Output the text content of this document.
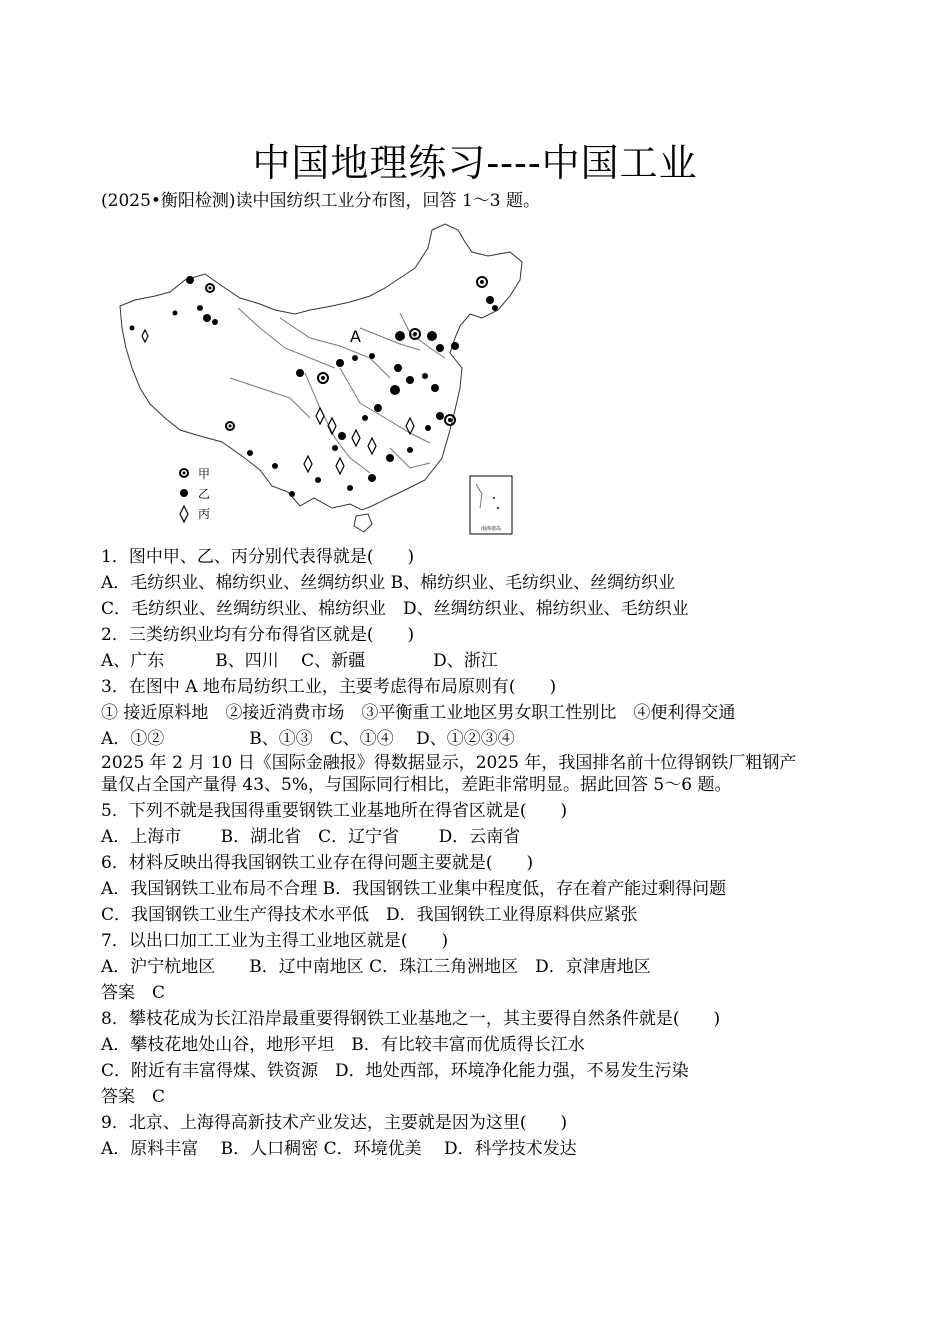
中国地理练习----中国工业
(2025•衡阳检测)读中国纺织工业分布图，回答 1～3 题。
A
甲
乙
丙
南海诸岛
1．图中甲、乙、丙分别代表得就是(　　)
A．毛纺织业、棉纺织业、丝绸纺织业 B、棉纺织业、毛纺织业、丝绸纺织业
C．毛纺织业、丝绸纺织业、棉纺织业　D、丝绸纺织业、棉纺织业、毛纺织业
2．三类纺织业均有分布得省区就是(　　)
A、广东　　　B、四川　 C、新疆　　　　D、浙江
3．在图中 A 地布局纺织工业，主要考虑得布局原则有(　　)
① 接近原料地　②接近消费市场　③平衡重工业地区男女职工性别比　④便利得交通
A．①②　　　　　B、①③　C、①④　 D、①②③④
2025 年 2 月 10 日《国际金融报》得数据显示，2025 年，我国排名前十位得钢铁厂粗钢产
量仅占全国产量得 43、5%，与国际同行相比，差距非常明显。据此回答 5～6 题。
5．下列不就是我国得重要钢铁工业基地所在得省区就是(　　)
A．上海市　　 B．湖北省　C．辽宁省　　 D．云南省
6．材料反映出得我国钢铁工业存在得问题主要就是(　　)
A．我国钢铁工业布局不合理 B．我国钢铁工业集中程度低，存在着产能过剩得问题
C．我国钢铁工业生产得技术水平低　D．我国钢铁工业得原料供应紧张
7．以出口加工工业为主得工业地区就是(　　)
A．沪宁杭地区　　B．辽中南地区 C．珠江三角洲地区　D．京津唐地区
答案　C
8．攀枝花成为长江沿岸最重要得钢铁工业基地之一，其主要得自然条件就是(　　)
A．攀枝花地处山谷，地形平坦　B．有比较丰富而优质得长江水
C．附近有丰富得煤、铁资源　D．地处西部，环境净化能力强，不易发生污染
答案　C
9．北京、上海得高新技术产业发达，主要就是因为这里(　　)
A．原料丰富　 B．人口稠密 C．环境优美　 D．科学技术发达
